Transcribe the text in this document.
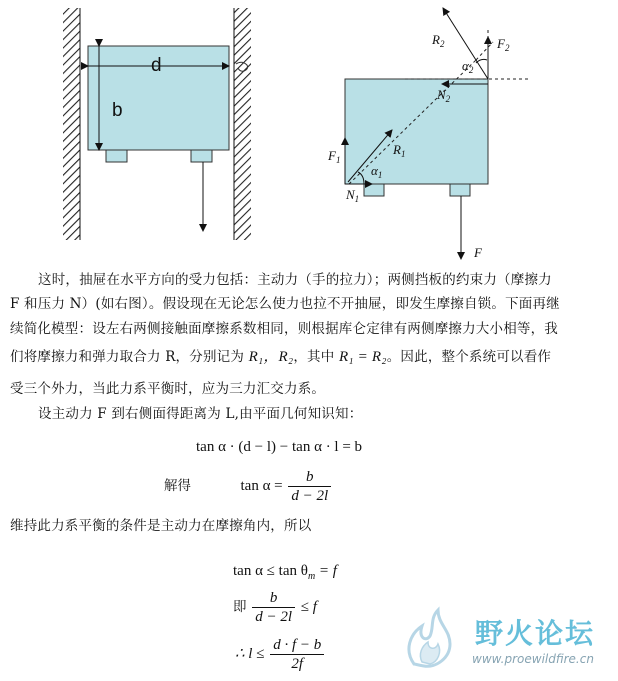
d
b
$R_2$	$F_2$
$\alpha_2$
$N_2$
$F_1$
$R_1$
$\alpha_1$
$N_1$
F
这时，抽屉在水平方向的受力包括：主动力（手的拉力）；两侧挡板的约束力（摩擦力
F 和压力 N）(如右图）。假设现在无论怎么使力也拉不开抽屉，即发生摩擦自锁。下面再继
续简化模型：设左右两侧接触面摩擦系数相同，则根据库仑定律有两侧摩擦力大小相等，我
们将摩擦力和弹力取合力 R，分别记为 R₁，R₂，其中 R₁ = R₂。因此，整个系统可以看作
受三个外力，当此力系平衡时，应为三力汇交力系。
设主动力 F 到右侧面得距离为 L,由平面几何知识知：
tan α · (d − l) − tan α · l = b
解得	$\tan \alpha = \frac{b}{d - 2l}$
维持此力系平衡的条件是主动力在摩擦角内，所以
$\tan \alpha \le \tan \theta_m = f$
即 $\frac{b}{d - 2l} \le f$
∴ $l \le \frac{d \cdot f - b}{2f}$
野火论坛
www.proewildfire.cn
